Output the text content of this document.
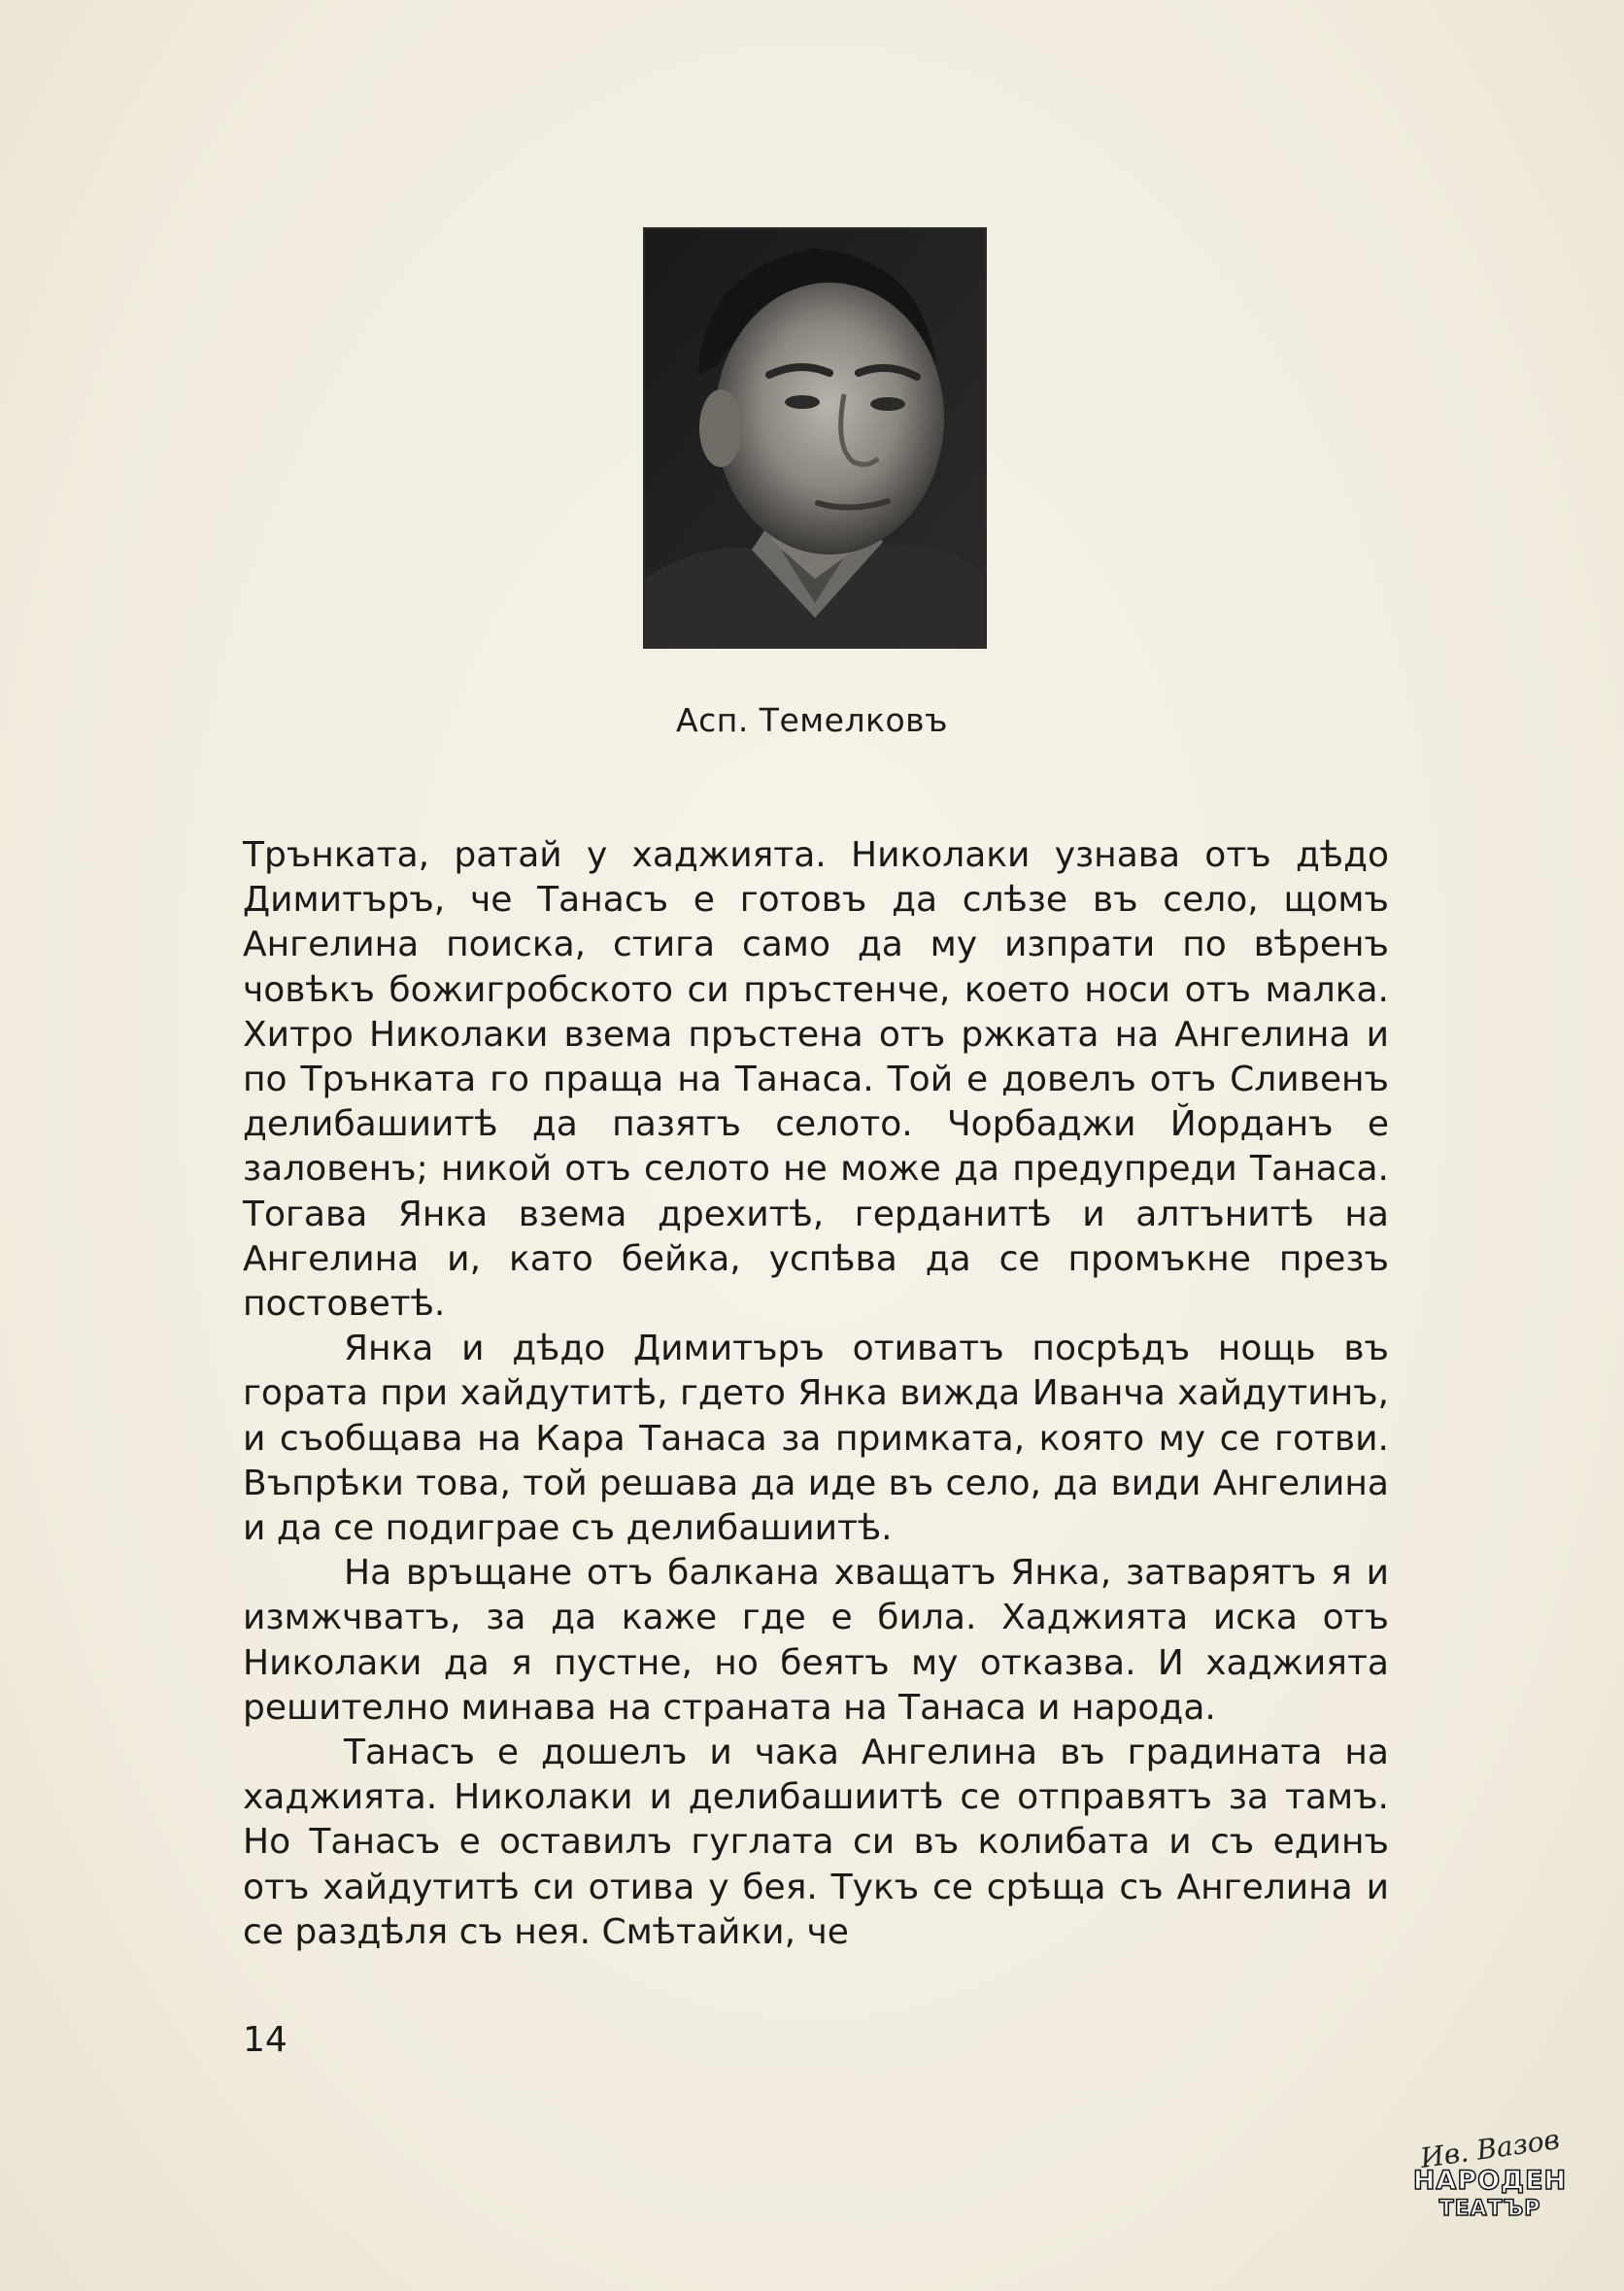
Асп. Темелковъ

Трънката, ратай у хаджията. Николаки узнава отъ дѣдо Димитъръ, че Танасъ е готовъ да слѣзе въ село, щомъ Ангелина поиска, стига само да му изпрати по вѣренъ човѣкъ божигробското си пръстенче, което носи отъ малка. Хитро Николаки взема пръстена отъ ржката на Ангелина и по Трънката го праща на Танаса. Той е довелъ отъ Сливенъ делибашиитѣ да пазятъ селото. Чорбаджи Йорданъ е заловенъ; никой отъ селото не може да предупреди Танаса. Тогава Янка взема дрехитѣ, герданитѣ и алтънитѣ на Ангелина и, като бейка, успѣва да се промъкне презъ постоветѣ.

Янка и дѣдо Димитъръ отиватъ посрѣдъ нощь въ гората при хайдутитѣ, гдето Янка вижда Иванча хайдутинъ, и съобщава на Кара Танаса за примката, която му се готви. Въпрѣки това, той решава да иде въ село, да види Ангелина и да се подиграе съ делибашиитѣ.

На връщане отъ балкана хващатъ Янка, затварятъ я и измжчватъ, за да каже где е била. Хаджията иска отъ Николаки да я пустне, но беятъ му отказва. И хаджията решително минава на страната на Танаса и народа.

Танасъ е дошелъ и чака Ангелина въ градината на хаджията. Николаки и делибашиитѣ се отправятъ за тамъ. Но Танасъ е оставилъ гуглата си въ колибата и съ единъ отъ хайдутитѣ си отива у бея. Тукъ се срѣща съ Ангелина и се раздѣля съ нея. Смѣтайки, че

14
Ив. Вазов
НАРОДЕН
ТЕАТЪР
